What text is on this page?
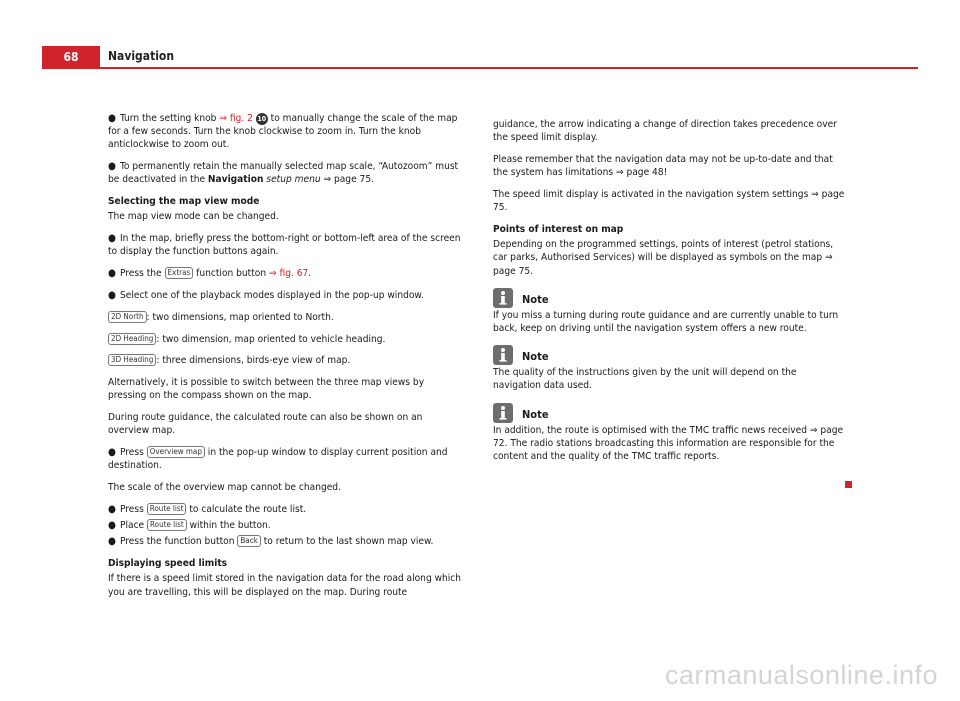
68	Navigation

● Turn the setting knob ⇒ fig. 2 10 to manually change the scale of the map for a few seconds. Turn the knob clockwise to zoom in. Turn the knob anticlockwise to zoom out.

● To permanently retain the manually selected map scale, “Autozoom” must be deactivated in the Navigation setup menu ⇒ page 75.

Selecting the map view mode

The map view mode can be changed.

● In the map, briefly press the bottom-right or bottom-left area of the screen to display the function buttons again.

● Press the Extras function button ⇒ fig. 67.

● Select one of the playback modes displayed in the pop-up window.

2D North : two dimensions, map oriented to North.

2D Heading : two dimension, map oriented to vehicle heading.

3D Heading : three dimensions, birds-eye view of map.

Alternatively, it is possible to switch between the three map views by pressing on the compass shown on the map.

During route guidance, the calculated route can also be shown on an overview map.

● Press Overview map in the pop-up window to display current position and destination.

The scale of the overview map cannot be changed.

● Press Route list to calculate the route list.

● Place Route list within the button.

● Press the function button Back to return to the last shown map view.

Displaying speed limits

If there is a speed limit stored in the navigation data for the road along which you are travelling, this will be displayed on the map. During route

guidance, the arrow indicating a change of direction takes precedence over the speed limit display.

Please remember that the navigation data may not be up-to-date and that the system has limitations ⇒ page 48!

The speed limit display is activated in the navigation system settings ⇒ page 75.

Points of interest on map

Depending on the programmed settings, points of interest (petrol stations, car parks, Authorised Services) will be displayed as symbols on the map ⇒ page 75.

Note

If you miss a turning during route guidance and are currently unable to turn back, keep on driving until the navigation system offers a new route.

Note

The quality of the instructions given by the unit will depend on the navigation data used.

Note

In addition, the route is optimised with the TMC traffic news received ⇒ page 72. The radio stations broadcasting this information are responsible for the content and the quality of the TMC traffic reports.

carmanualsonline.info
